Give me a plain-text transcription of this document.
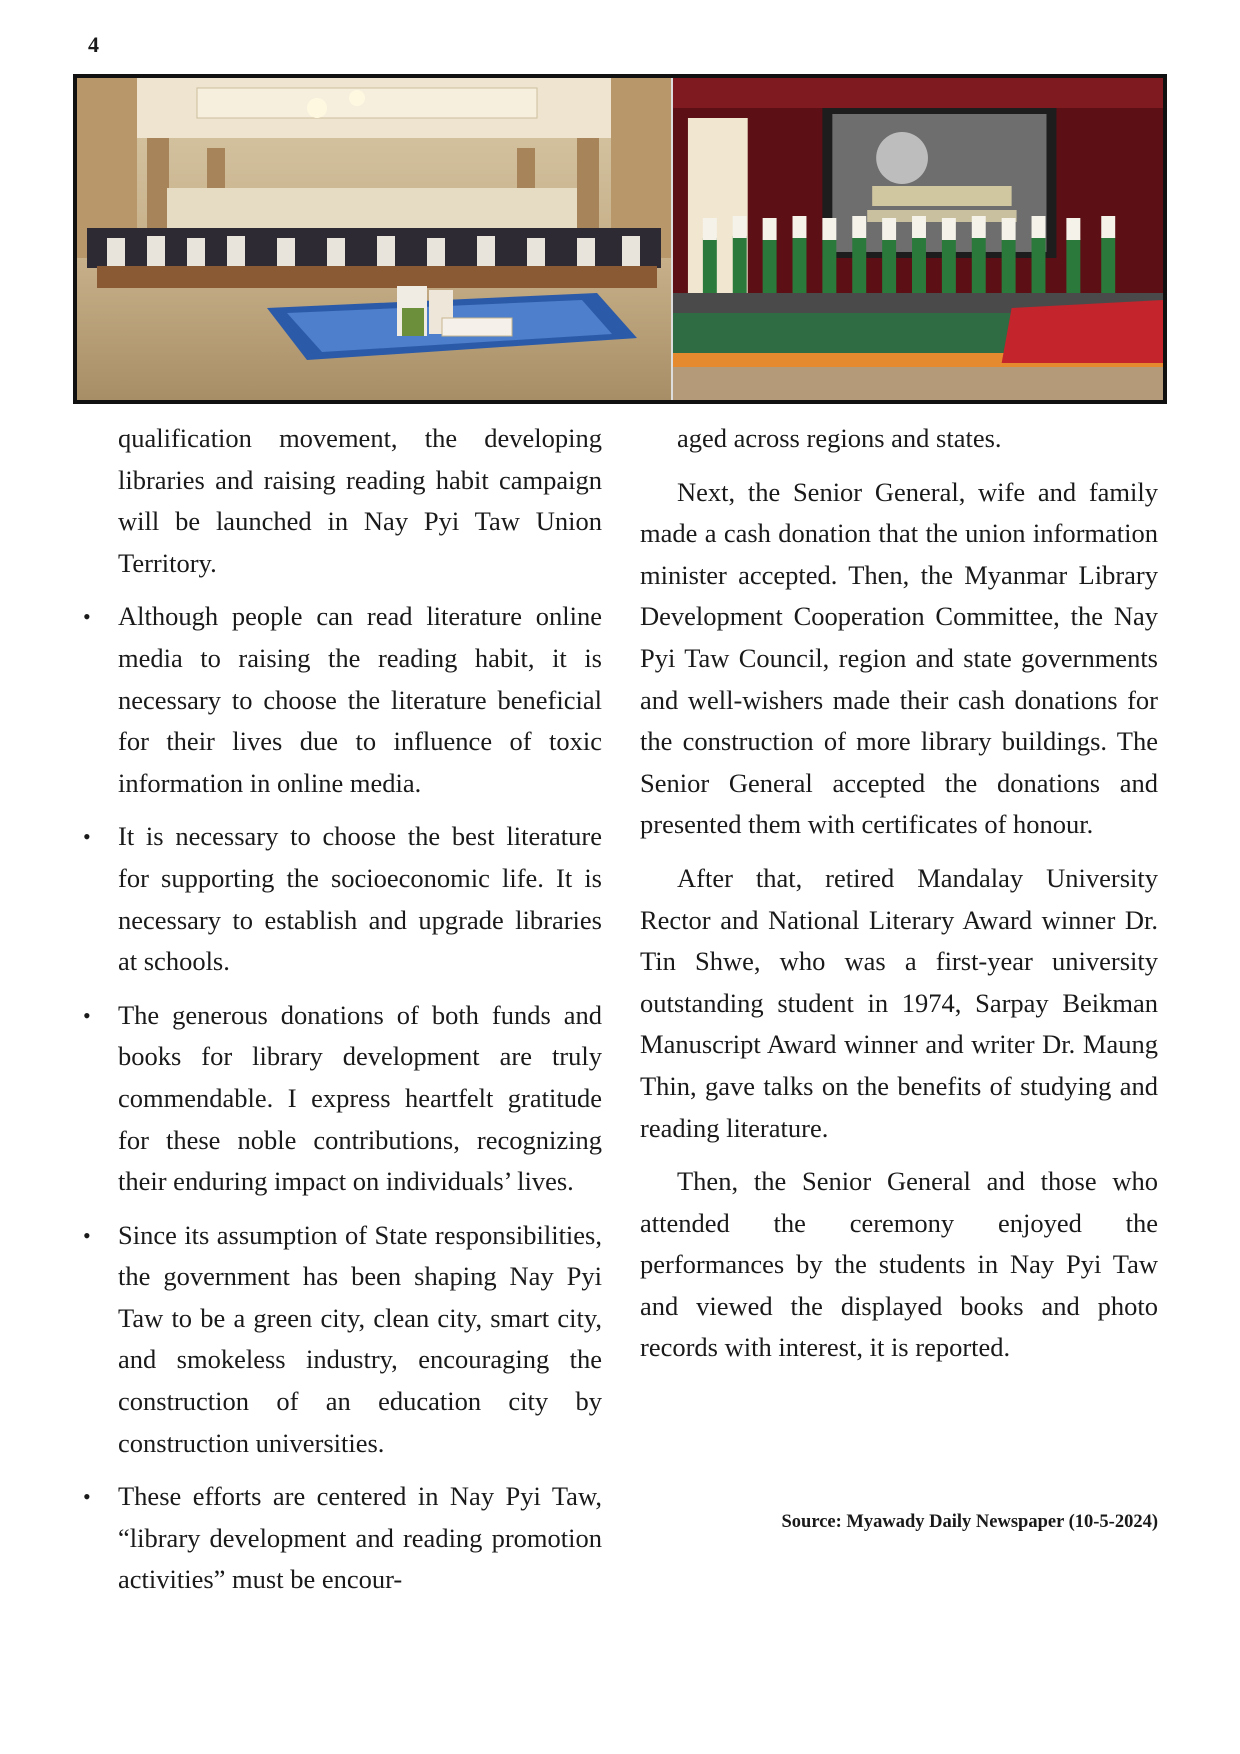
4

qualification movement, the developing libraries and raising reading habit campaign will be launched in Nay Pyi Taw Union Territory.

• Although people can read literature online media to raising the reading habit, it is necessary to choose the literature beneficial for their lives due to influence of toxic information in online media.
• It is necessary to choose the best literature for supporting the socioeconomic life. It is necessary to establish and upgrade libraries at schools.
• The generous donations of both funds and books for library development are truly commendable. I express heartfelt gratitude for these noble contributions, recognizing their enduring impact on individuals’ lives.
• Since its assumption of State responsibilities, the government has been shaping Nay Pyi Taw to be a green city, clean city, smart city, and smokeless industry, encouraging the construction of an education city by construction universities.
• These efforts are centered in Nay Pyi Taw, “library development and reading promotion activities” must be encour-

aged across regions and states.

Next, the Senior General, wife and family made a cash donation that the union information minister accepted. Then, the Myanmar Library Development Cooperation Committee, the Nay Pyi Taw Council, region and state governments and well-wishers made their cash donations for the construction of more library buildings. The Senior General accepted the donations and presented them with certificates of honour.

After that, retired Mandalay University Rector and National Literary Award winner Dr. Tin Shwe, who was a first-year university outstanding student in 1974, Sarpay Beikman Manuscript Award winner and writer Dr. Maung Thin, gave talks on the benefits of studying and reading literature.

Then, the Senior General and those who attended the ceremony enjoyed the performances by the students in Nay Pyi Taw and viewed the displayed books and photo records with interest, it is reported.

Source: Myawady Daily Newspaper (10-5-2024)
